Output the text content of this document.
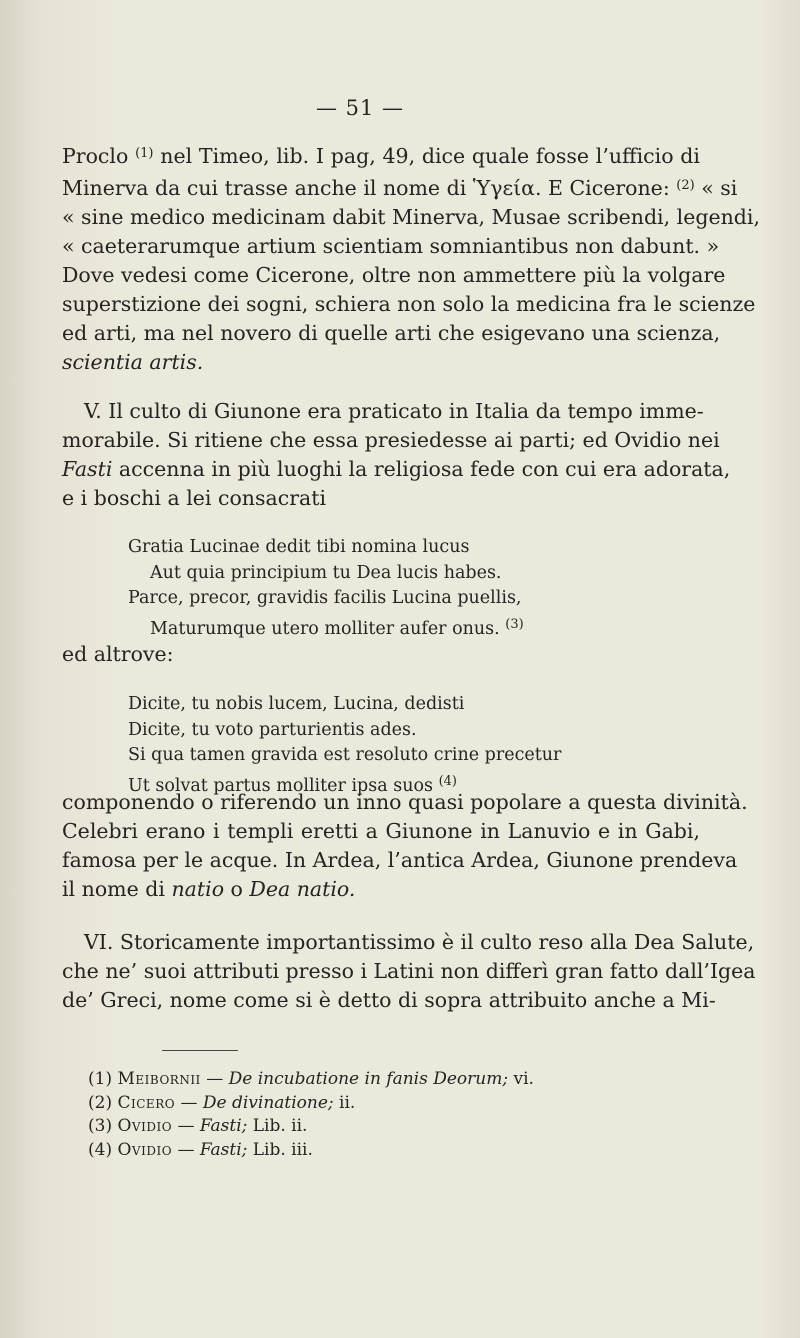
— 51 —
Proclo $^{(1)}$ nel Timeo, lib. I pag, 49, dice quale fosse l’ufficio di
Minerva da cui trasse anche il nome di Ὑγεία. E Cicerone: $^{(2)}$ « si
« sine medico medicinam dabit Minerva, Musae scribendi, legendi,
« caeterarumque artium scientiam somniantibus non dabunt. »
Dove vedesi come Cicerone, oltre non ammettere più la volgare
superstizione dei sogni, schiera non solo la medicina fra le scienze
ed arti, ma nel novero di quelle arti che esigevano una scienza,
scientia artis.
V. Il culto di Giunone era praticato in Italia da tempo imme-
morabile. Si ritiene che essa presiedesse ai parti; ed Ovidio nei
Fasti accenna in più luoghi la religiosa fede con cui era adorata,
e i boschi a lei consacrati
Gratia Lucinae dedit tibi nomina lucus
Aut quia principium tu Dea lucis habes.
Parce, precor, gravidis facilis Lucina puellis,
Maturumque utero molliter aufer onus. $^{(3)}$
ed altrove:
Dicite, tu nobis lucem, Lucina, dedisti
Dicite, tu voto parturientis ades.
Si qua tamen gravida est resoluto crine precetur
Ut solvat partus molliter ipsa suos $^{(4)}$
componendo o riferendo un inno quasi popolare a questa divinità.
Celebri erano i templi eretti a Giunone in Lanuvio e in Gabi,
famosa per le acque. In Ardea, l’antica Ardea, Giunone prendeva
il nome di natio o Dea natio.
VI. Storicamente importantissimo è il culto reso alla Dea Salute,
che ne’ suoi attributi presso i Latini non differì gran fatto dall’Igea
de’ Greci, nome come si è detto di sopra attribuito anche a Mi-
(1) Meibornii — De incubatione in fanis Deorum; vi.
(2) Cicero — De divinatione; ii.
(3) Ovidio — Fasti; Lib. ii.
(4) Ovidio — Fasti; Lib. iii.
